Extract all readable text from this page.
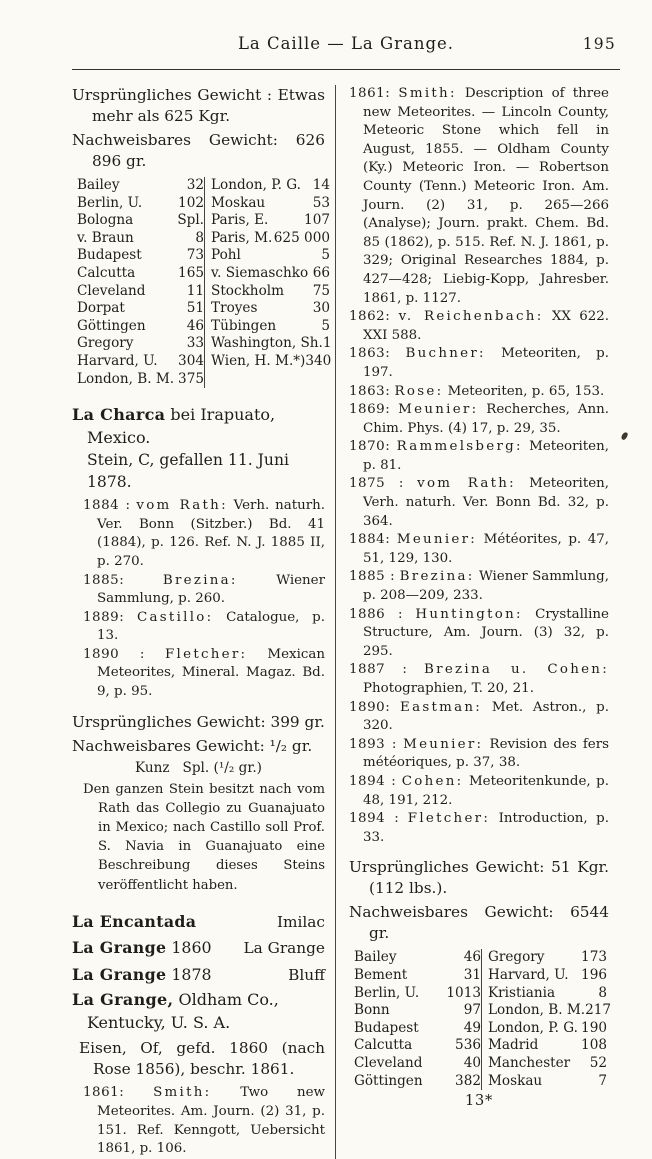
La Caille — La Grange.	195
Ursprüngliches Gewicht : Etwas mehr als 625 Kgr.
Nachweisbares Gewicht: 626 896 gr.
Bailey	32 London, P. G. 14
Berlin, U.	102 Moskau	53
Bologna	Spl. Paris, E.	107
v. Braun	8 Paris, M. 625 000
Budapest	73 Pohl	5
Calcutta	165 v. Siemaschko 66
Cleveland	11 Stockholm 75
Dorpat	51 Troyes	30
Göttingen	46 Tübingen	5
Gregory	33 Washington, Sh. 1
Harvard, U. 304 Wien, H. M.*) 340
London, B. M. 375
La Charca bei Irapuato, Mexico.
Stein, C, gefallen 11. Juni 1878.

1884 : vom Rath: Verh. naturh. Ver. Bonn (Sitzber.) Bd. 41 (1884), p. 126. Ref. N. J. 1885 II, p. 270.

1885:	Brezina:	Wiener Sammlung, p. 260.

1889: Castillo: Catalogue, p. 13.

1890 : Fletcher: Mexican Meteorites, Mineral. Magaz. Bd. 9, p. 95.

Ursprüngliches Gewicht: 399 gr.
Nachweisbares Gewicht: ¹/₂ gr.
Kunz   Spl. (¹/₂ gr.)
Den ganzen Stein besitzt nach vom Rath das Collegio zu Guanajuato in Mexico; nach Castillo soll Prof. S. Navia in Guanajuato eine Beschreibung dieses Steins veröffentlicht haben.
La Encantada	Imilac
La Grange 1860 La Grange
La Grange 1878	Bluff
La Grange, Oldham Co., Kentucky, U. S. A.
Eisen, Of, gefd. 1860 (nach Rose 1856), beschr. 1861.

1861: Smith: Two new Meteorites. Am. Journ. (2) 31, p. 151. Ref. Kenngott, Uebersicht 1861, p. 106.

1861: Smith: Description of three new Meteorites. — Lincoln County, Meteoric Stone which fell in August, 1855. — Oldham County (Ky.) Meteoric Iron. — Robertson County (Tenn.) Meteoric Iron. Am. Journ. (2) 31, p. 265—266 (Analyse); Journ. prakt. Chem. Bd. 85 (1862), p. 515. Ref. N. J. 1861, p. 329; Original Researches 1884, p. 427—428; Liebig-Kopp, Jahresber. 1861, p. 1127.

1862: v. Reichenbach: XX 622. XXI 588.

1863: Buchner: Meteoriten, p. 197.

1863: Rose: Meteoriten, p. 65, 153.

1869: Meunier: Recherches, Ann. Chim. Phys. (4) 17, p. 29, 35.

1870: Rammelsberg: Meteoriten, p. 81.

1875 : vom Rath: Meteoriten, Verh. naturh. Ver. Bonn Bd. 32, p. 364.

1884: Meunier: Météorites, p. 47, 51, 129, 130.

1885 : Brezina: Wiener Sammlung, p. 208—209, 233.

1886 : Huntington: Crystalline Structure, Am. Journ. (3) 32, p. 295.

1887 : Brezina u. Cohen: Photographien, T. 20, 21.

1890: Eastman: Met. Astron., p. 320.

1893 : Meunier: Revision des fers météoriques, p. 37, 38.

1894 : Cohen: Meteoritenkunde, p. 48, 191, 212.

1894 : Fletcher: Introduction, p. 33.

Ursprüngliches Gewicht: 51 Kgr. (112 lbs.).
Nachweisbares Gewicht: 6544 gr.
Bailey	46 Gregory	173
Bement	31 Harvard, U. 196
Berlin, U. 1013 Kristiania	8
Bonn	97 London, B. M. 217
Budapest	49 London, P. G. 190
Calcutta	536 Madrid	108
Cleveland	40 Manchester 52
Göttingen 382 Moskau	7
13*
